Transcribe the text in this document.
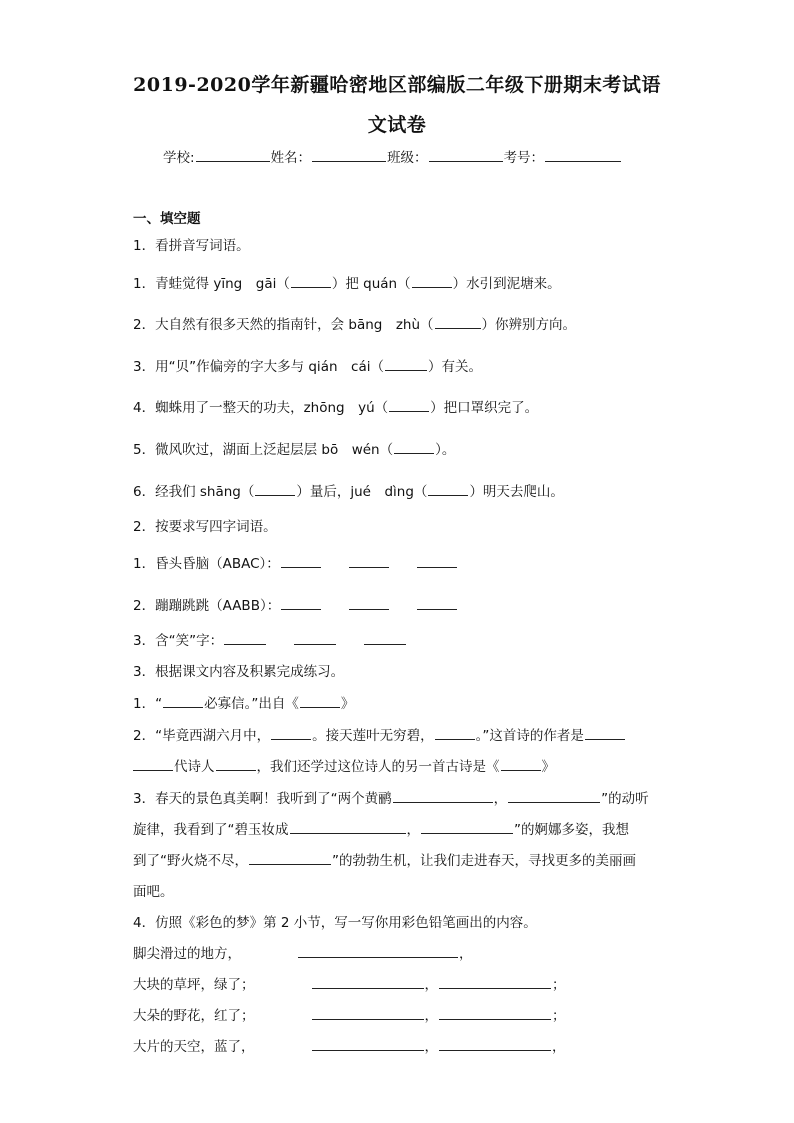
2019-2020学年新疆哈密地区部编版二年级下册期末考试语
文试卷
学校:	姓名：	班级：	考号：
一、填空题
1．看拼音写词语。
1．青蛙觉得 yīng　gāi（	）把 quán（	）水引到泥塘来。
2．大自然有很多天然的指南针，会 bāng　zhù（	）你辨别方向。
3．用“贝”作偏旁的字大多与 qián　cái（	）有关。
4．蜘蛛用了一整天的功夫，zhōng　yú（	）把口罩织完了。
5．微风吹过，湖面上泛起层层 bō　wén（	）。
6．经我们 shāng（	）量后，jué　dìng（	）明天去爬山。
2．按要求写四字词语。
1．昏头昏脑（ABAC）：
2．蹦蹦跳跳（AABB）：
3．含“笑”字：
3．根据课文内容及积累完成练习。
1．“	必寡信。”出自《	》
2．“毕竟西湖六月中，	。接天莲叶无穷碧，	。”这首诗的作者是
代诗人	，我们还学过这位诗人的另一首古诗是《	》
3．春天的景色真美啊！我听到了“两个黄鹂	，	”的动听
旋律，我看到了“碧玉妆成	，	”的婀娜多姿，我想
到了“野火烧不尽，	”的勃勃生机，让我们走进春天，寻找更多的美丽画
面吧。
4．仿照《彩色的梦》第 2 小节，写一写你用彩色铅笔画出的内容。
脚尖滑过的地方，	，
大块的草坪，绿了；	，	；
大朵的野花，红了；	，	；
大片的天空，蓝了，	，	，
